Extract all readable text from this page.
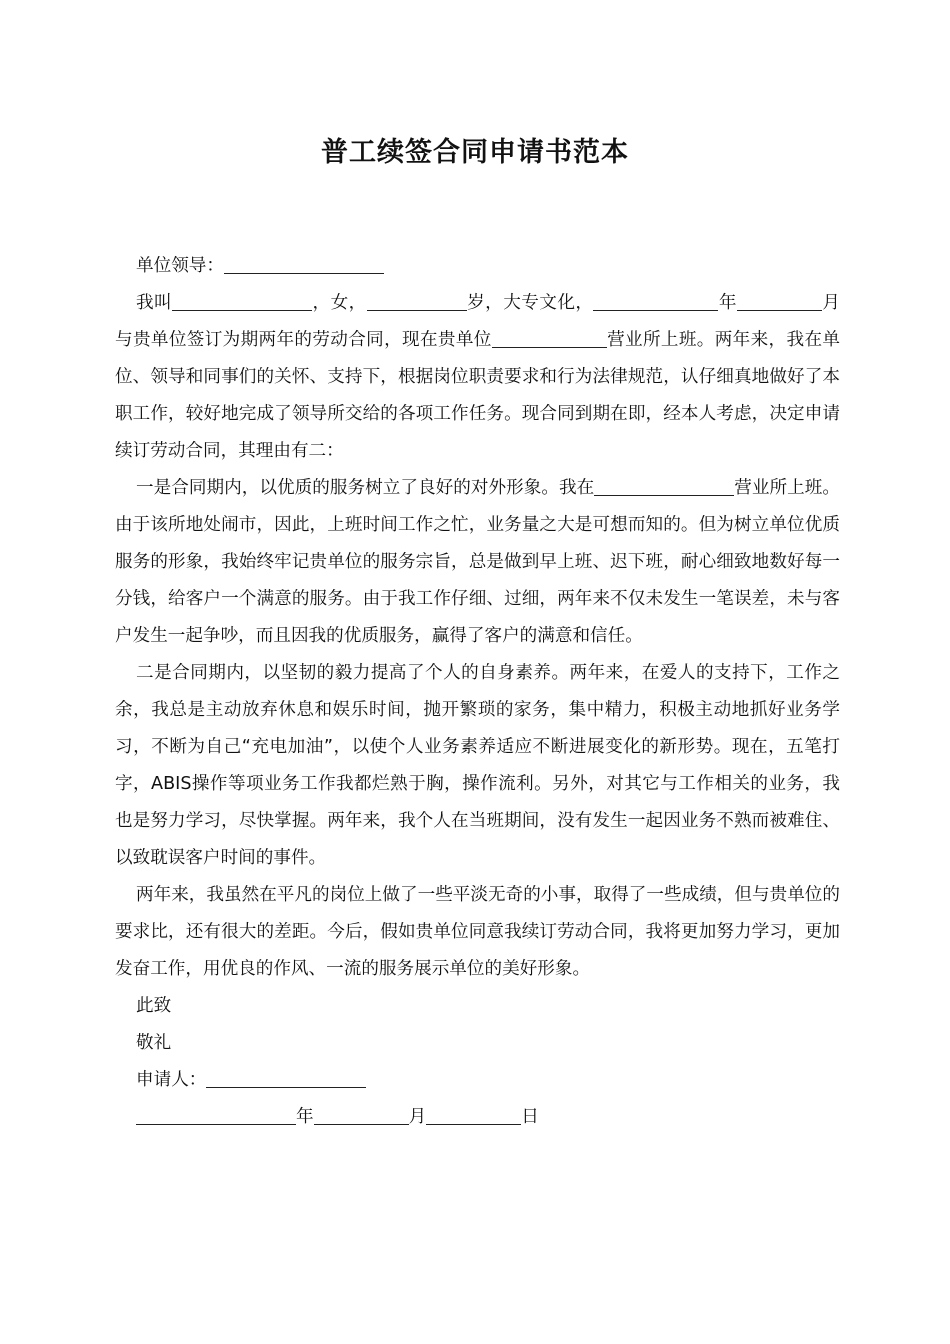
普工续签合同申请书范本

单位领导：

我叫	，女，	岁，大专文化，	年	月与贵单位签订为期两年的劳动合同，现在贵单位	营业所上班。两年来，我在单位、领导和同事们的关怀、支持下，根据岗位职责要求和行为法律规范，认仔细真地做好了本职工作，较好地完成了领导所交给的各项工作任务。现合同到期在即，经本人考虑，决定申请续订劳动合同，其理由有二：

一是合同期内，以优质的服务树立了良好的对外形象。我在	营业所上班。由于该所地处闹市，因此，上班时间工作之忙，业务量之大是可想而知的。但为树立单位优质服务的形象，我始终牢记贵单位的服务宗旨，总是做到早上班、迟下班，耐心细致地数好每一分钱，给客户一个满意的服务。由于我工作仔细、过细，两年来不仅未发生一笔误差，未与客户发生一起争吵，而且因我的优质服务，赢得了客户的满意和信任。

二是合同期内，以坚韧的毅力提高了个人的自身素养。两年来，在爱人的支持下，工作之余，我总是主动放弃休息和娱乐时间，抛开繁琐的家务，集中精力，积极主动地抓好业务学习，不断为自己“充电加油”，以使个人业务素养适应不断进展变化的新形势。现在，五笔打字，ABIS操作等项业务工作我都烂熟于胸，操作流利。另外，对其它与工作相关的业务，我也是努力学习，尽快掌握。两年来，我个人在当班期间，没有发生一起因业务不熟而被难住、以致耽误客户时间的事件。

两年来，我虽然在平凡的岗位上做了一些平淡无奇的小事，取得了一些成绩，但与贵单位的要求比，还有很大的差距。今后，假如贵单位同意我续订劳动合同，我将更加努力学习，更加发奋工作，用优良的作风、一流的服务展示单位的美好形象。

此致

敬礼

申请人：

年	月	日
